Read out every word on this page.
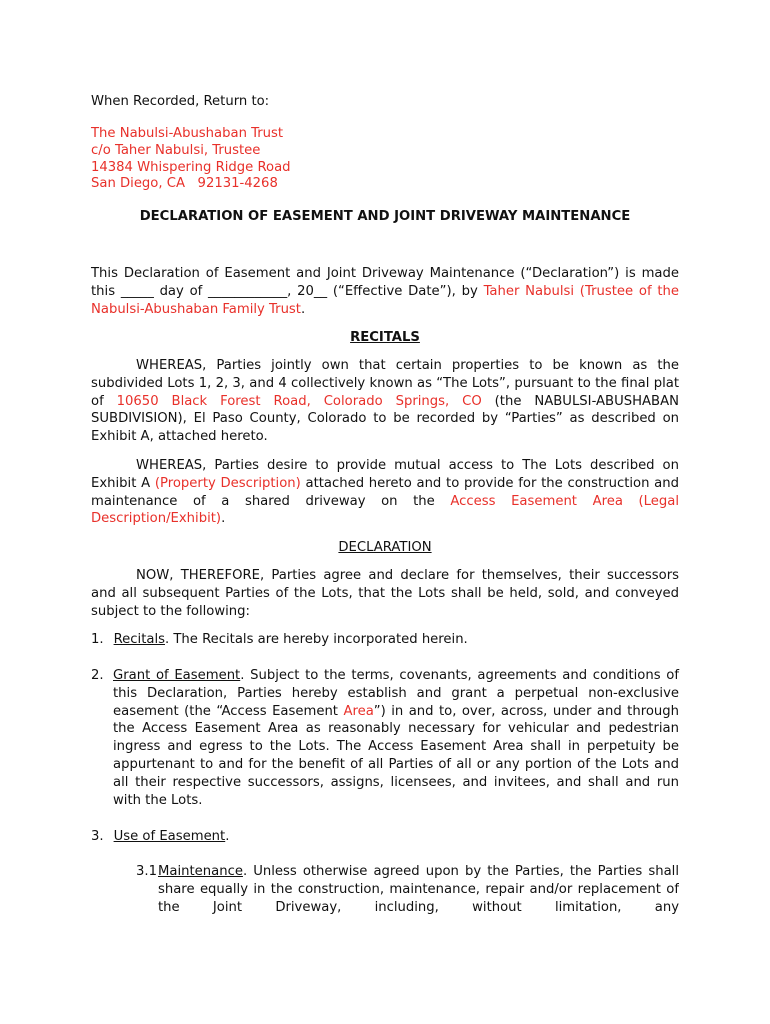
When Recorded, Return to:
The Nabulsi-Abushaban Trust
c/o Taher Nabulsi, Trustee
14384 Whispering Ridge Road
San Diego, CA   92131-4268
DECLARATION OF EASEMENT AND JOINT DRIVEWAY MAINTENANCE
This Declaration of Easement and Joint Driveway Maintenance (“Declaration”) is made this _____ day of ____________, 20__ (“Effective Date”), by Taher Nabulsi (Trustee of the Nabulsi-Abushaban Family Trust.
RECITALS
WHEREAS, Parties jointly own that certain properties to be known as the subdivided Lots 1, 2, 3, and 4 collectively known as “The Lots”, pursuant to the final plat of 10650 Black Forest Road, Colorado Springs, CO (the NABULSI-ABUSHABAN SUBDIVISION), El Paso County, Colorado to be recorded by “Parties” as described on Exhibit A, attached hereto.
WHEREAS, Parties desire to provide mutual access to The Lots described on Exhibit A (Property Description) attached hereto and to provide for the construction and maintenance of a shared driveway on the Access Easement Area (Legal Description/Exhibit).
DECLARATION
NOW, THEREFORE, Parties agree and declare for themselves, their successors and all subsequent Parties of the Lots, that the Lots shall be held, sold, and conveyed subject to the following:
1. Recitals. The Recitals are hereby incorporated herein.
2. Grant of Easement. Subject to the terms, covenants, agreements and conditions of this Declaration, Parties hereby establish and grant a perpetual non-exclusive easement (the “Access Easement Area”) in and to, over, across, under and through the Access Easement Area as reasonably necessary for vehicular and pedestrian ingress and egress to the Lots. The Access Easement Area shall in perpetuity be appurtenant to and for the benefit of all Parties of all or any portion of the Lots and all their respective successors, assigns, licensees, and invitees, and shall and run with the Lots.
3. Use of Easement.
3.1 Maintenance. Unless otherwise agreed upon by the Parties, the Parties shall share equally in the construction, maintenance, repair and/or replacement of the Joint Driveway, including, without limitation, any
